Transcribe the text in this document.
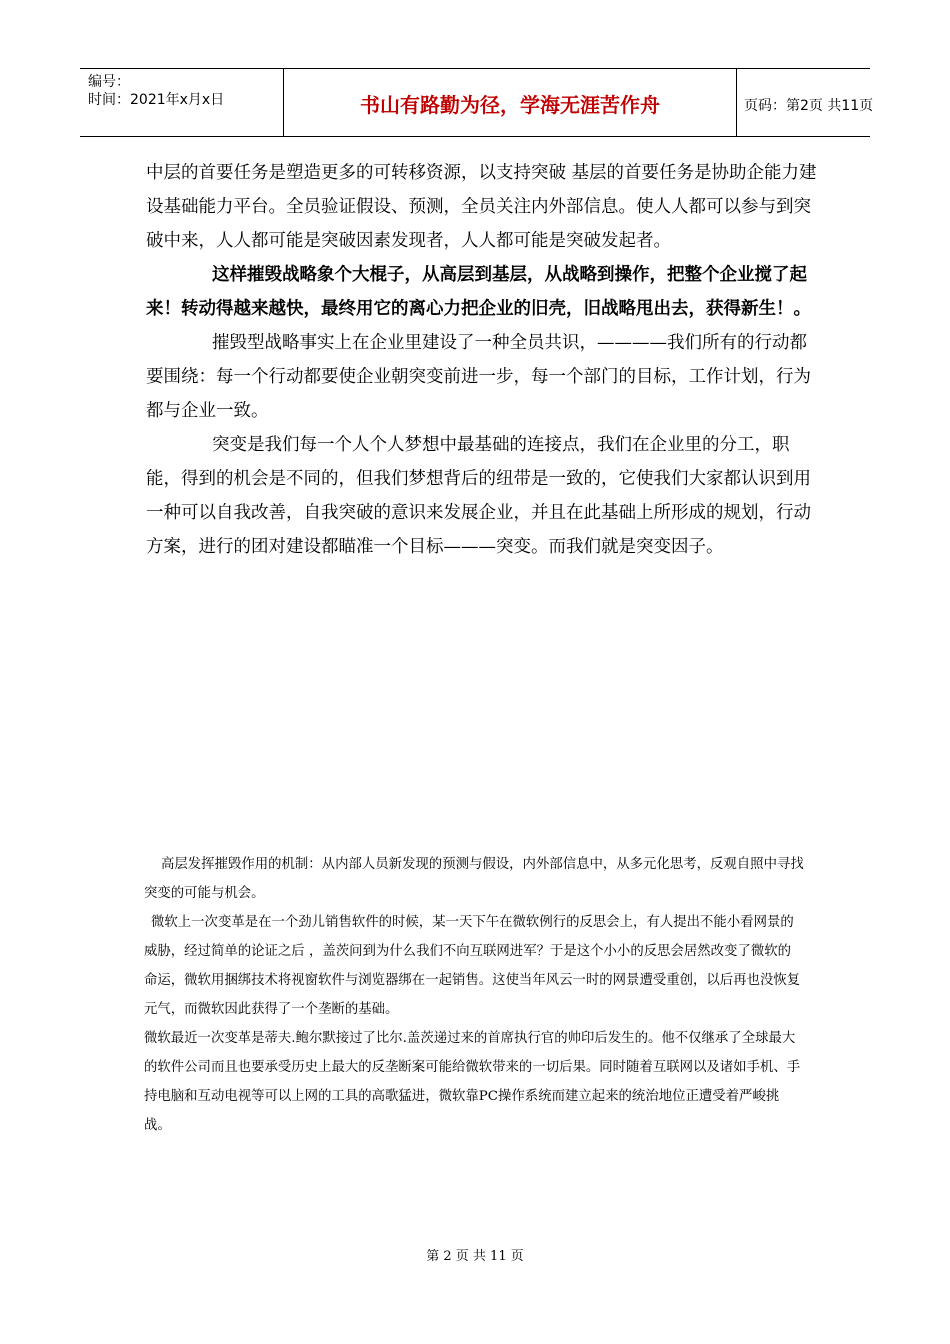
编号：
时间：2021年x月x日	书山有路勤为径，学海无涯苦作舟	页码：第2页 共11页

中层的首要任务是塑造更多的可转移资源，以支持突破 基层的首要任务是协助企能力建设基础能力平台。全员验证假设、预测，全员关注内外部信息。使人人都可以参与到突破中来，人人都可能是突破因素发现者，人人都可能是突破发起者。

这样摧毁战略象个大棍子，从高层到基层，从战略到操作，把整个企业搅了起来！转动得越来越快，最终用它的离心力把企业的旧壳，旧战略甩出去，获得新生！。

摧毁型战略事实上在企业里建设了一种全员共识，————我们所有的行动都要围绕：每一个行动都要使企业朝突变前进一步，每一个部门的目标，工作计划，行为都与企业一致。

突变是我们每一个人个人梦想中最基础的连接点，我们在企业里的分工，职能，得到的机会是不同的，但我们梦想背后的纽带是一致的，它使我们大家都认识到用一种可以自我改善，自我突破的意识来发展企业，并且在此基础上所形成的规划，行动方案，进行的团对建设都瞄准一个目标———突变。而我们就是突变因子。

高层发挥摧毁作用的机制：从内部人员新发现的预测与假设，内外部信息中，从多元化思考，反观自照中寻找突变的可能与机会。

微软上一次变革是在一个劲儿销售软件的时候，某一天下午在微软例行的反思会上，有人提出不能小看网景的威胁，经过简单的论证之后 ，盖茨问到为什么我们不向互联网进军？于是这个小小的反思会居然改变了微软的命运，微软用捆绑技术将视窗软件与浏览器绑在一起销售。这使当年风云一时的网景遭受重创，以后再也没恢复元气，而微软因此获得了一个垄断的基础。

微软最近一次变革是蒂夫.鲍尔默接过了比尔.盖茨递过来的首席执行官的帅印后发生的。他不仅继承了全球最大的软件公司而且也要承受历史上最大的反垄断案可能给微软带来的一切后果。同时随着互联网以及诸如手机、手持电脑和互动电视等可以上网的工具的高歌猛进，微软靠PC操作系统而建立起来的统治地位正遭受着严峻挑战。

第 2 页 共 11 页
